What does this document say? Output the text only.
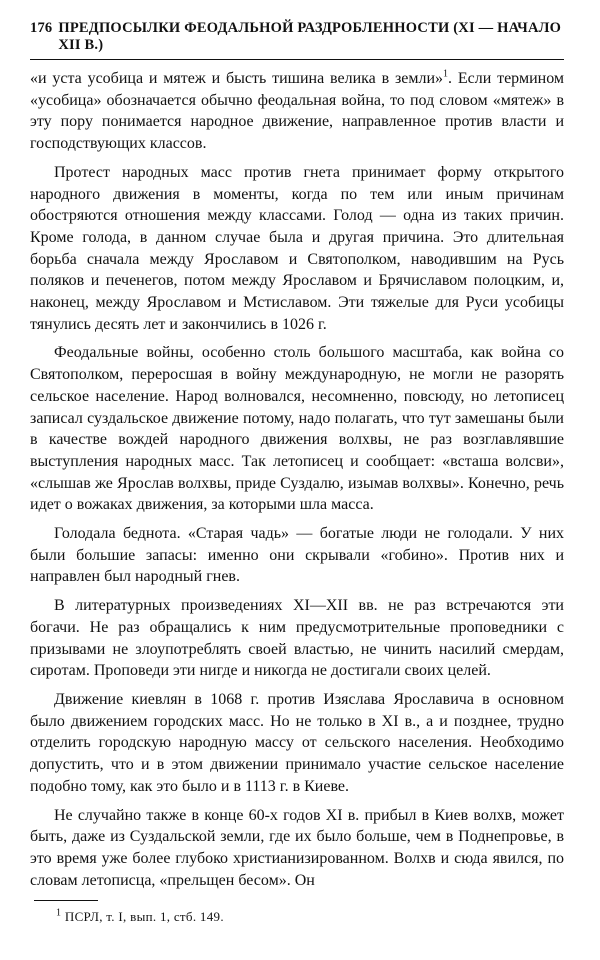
176 ПРЕДПОСЫЛКИ ФЕОДАЛЬНОЙ РАЗДРОБЛЕННОСТИ (XI — НАЧАЛО XII В.)

«и уста усобица и мятеж и бысть тишина велика в земли»$^1$. Если термином «усобица» обозначается обычно феодальная война, то под словом «мятеж» в эту пору понимается народное движение, направленное против власти и господствующих классов.

Протест народных масс против гнета принимает форму открытого народного движения в моменты, когда по тем или иным причинам обостряются отношения между классами. Голод — одна из таких причин. Кроме голода, в данном случае была и другая причина. Это длительная борьба сначала между Ярославом и Святополком, наводившим на Русь поляков и печенегов, потом между Ярославом и Брячиславом полоцким, и, наконец, между Ярославом и Мстиславом. Эти тяжелые для Руси усобицы тянулись десять лет и закончились в 1026 г.

Феодальные войны, особенно столь большого масштаба, как война со Святополком, переросшая в войну международную, не могли не разорять сельское население. Народ волновался, несомненно, повсюду, но летописец записал суздальское движение потому, надо полагать, что тут замешаны были в качестве вождей народного движения волхвы, не раз возглавлявшие выступления народных масс. Так летописец и сообщает: «всташа волсви», «слышав же Ярослав волхвы, приде Суздалю, изымав волхвы». Конечно, речь идет о вожаках движения, за которыми шла масса.

Голодала беднота. «Старая чадь» — богатые люди не голодали. У них были большие запасы: именно они скрывали «гобино». Против них и направлен был народный гнев.

В литературных произведениях XI—XII вв. не раз встречаются эти богачи. Не раз обращались к ним предусмотрительные проповедники с призывами не злоупотреблять своей властью, не чинить насилий смердам, сиротам. Проповеди эти нигде и никогда не достигали своих целей.

Движение киевлян в 1068 г. против Изяслава Ярославича в основном было движением городских масс. Но не только в XI в., а и позднее, трудно отделить городскую народную массу от сельского населения. Необходимо допустить, что и в этом движении принимало участие сельское население подобно тому, как это было и в 1113 г. в Киеве.

Не случайно также в конце 60-х годов XI в. прибыл в Киев волхв, может быть, даже из Суздальской земли, где их было больше, чем в Поднепровье, в это время уже более глубоко христианизированном. Волхв и сюда явился, по словам летописца, «прельщен бесом». Он

$^1$ ПСРЛ, т. I, вып. 1, стб. 149.
